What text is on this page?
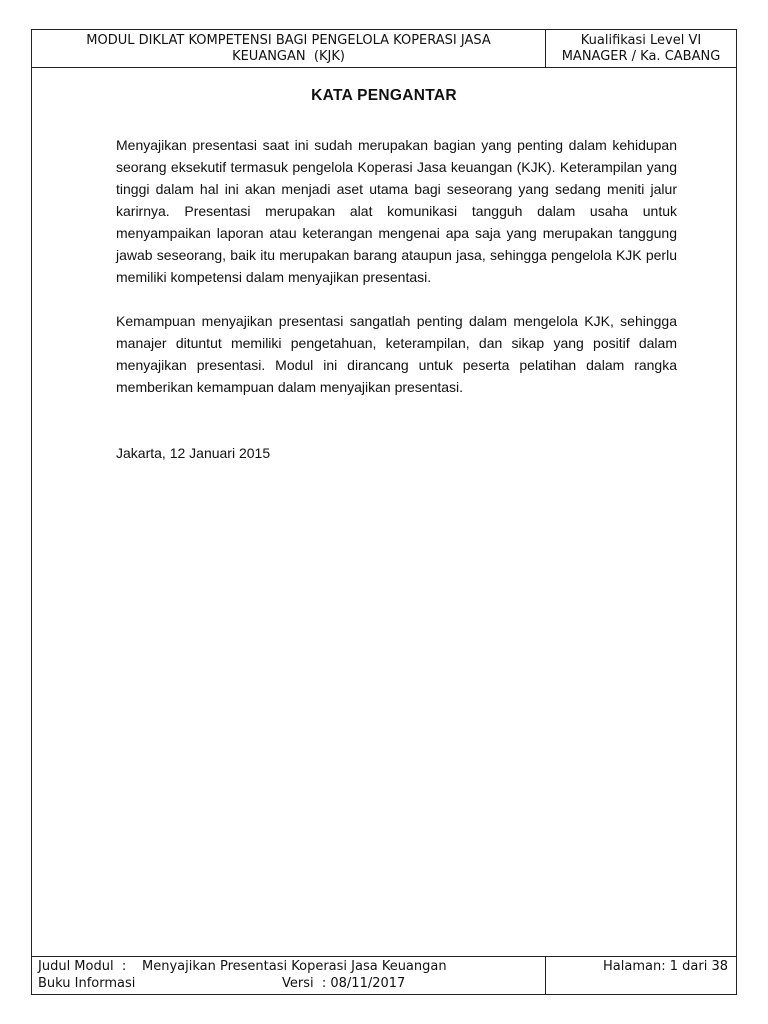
MODUL DIKLAT KOMPETENSI BAGI PENGELOLA KOPERASI JASA
KEUANGAN  (KJK)
Kualifikasi Level VI
MANAGER / Ka. CABANG
KATA PENGANTAR

Menyajikan presentasi saat ini sudah merupakan bagian yang penting dalam kehidupan seorang eksekutif termasuk pengelola Koperasi Jasa keuangan (KJK). Keterampilan yang tinggi dalam hal ini akan menjadi aset utama bagi seseorang yang sedang meniti jalur karirnya. Presentasi merupakan alat komunikasi tangguh dalam usaha untuk menyampaikan laporan atau keterangan mengenai apa saja yang merupakan tanggung jawab seseorang, baik itu merupakan barang ataupun jasa, sehingga pengelola KJK perlu memiliki kompetensi dalam menyajikan presentasi.

Kemampuan menyajikan presentasi sangatlah penting dalam mengelola KJK, sehingga manajer dituntut memiliki pengetahuan, keterampilan, dan sikap yang positif dalam menyajikan presentasi. Modul ini dirancang untuk peserta pelatihan dalam rangka memberikan kemampuan dalam menyajikan presentasi.

Jakarta, 12 Januari 2015
Judul Modul  :	Menyajikan Presentasi Koperasi Jasa Keuangan
Buku Informasi	Versi  : 08/11/2017
Halaman: 1 dari 38
